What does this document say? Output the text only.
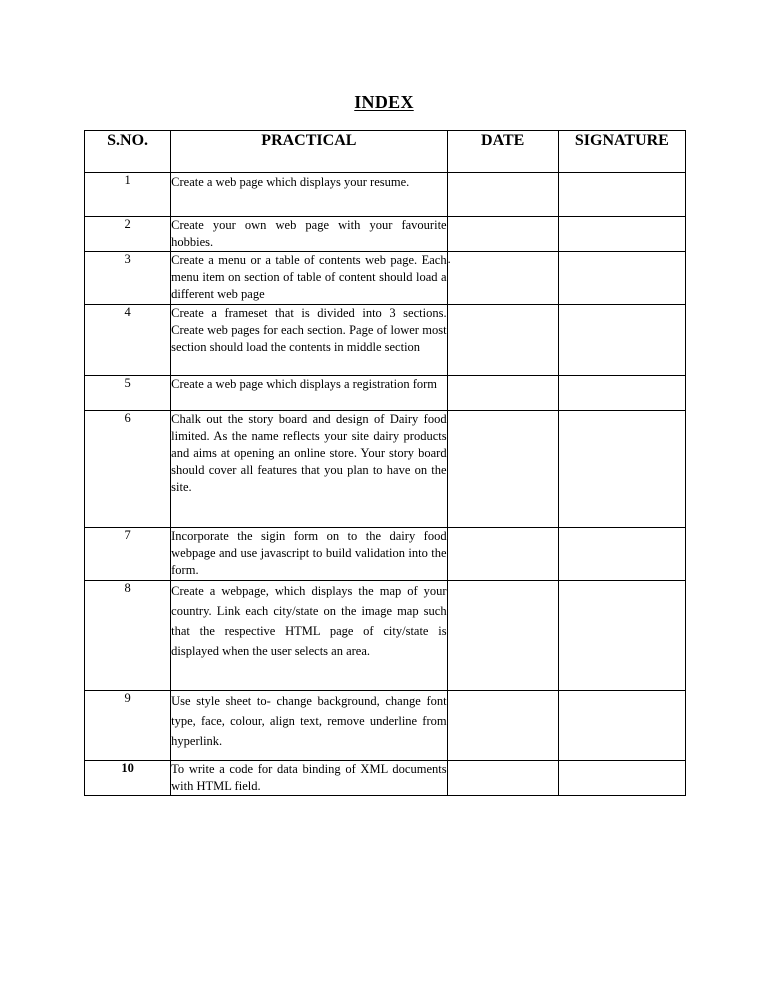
INDEX
S.NO.	PRACTICAL	DATE	SIGNATURE
1	Create a web page which displays your resume.		
2	Create your own web page with your favourite hobbies.		
3	Create a menu or a table of contents web page. Each menu item on section of table of content should load a different web page	.	
4	Create a frameset that is divided into 3 sections. Create web pages for each section. Page of lower most section should load the contents in middle section		
5	Create a web page which displays a registration form		
6	Chalk out the story board and design of Dairy food limited. As the name reflects your site dairy products and aims at opening an online store. Your story board should cover all features that you plan to have on the site.		
7	Incorporate the sigin form on to the dairy food webpage and use javascript to build validation into the form.		
8	Create a webpage, which displays the map of your country. Link each city/state on the image map such that the respective HTML page of city/state is displayed when the user selects an area.		
9	Use style sheet to- change background, change font type, face, colour, align text, remove underline from hyperlink.		
10	To write a code for data binding of XML documents with HTML field.		
